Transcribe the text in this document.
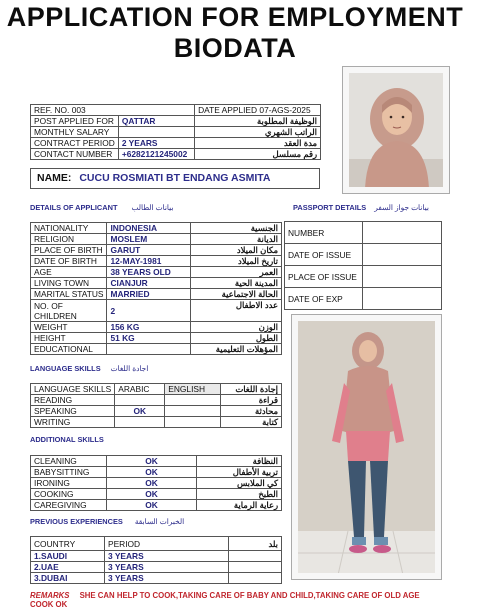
APPLICATION FOR EMPLOYMENT
BIODATA
REF. NO. 003		DATE APPLIED 07-AGS-2025
POST APPLIED FOR	QATTAR	الوظيفة المطلوبة
MONTHLY SALARY		الراتب الشهري
CONTRACT PERIOD	2 YEARS	مدة العقد
CONTACT NUMBER	+6282121245002	رقم مسلسل
NAME: CUCU ROSMIATI BT ENDANG ASMITA
DETAILS OF APPLICANT بيانات الطالب	PASSPORT DETAILS بيانات جواز السفر
NATIONALITY	INDONESIA	الجنسية
RELIGION	MOSLEM	الديانة
PLACE OF BIRTH	GARUT	مكان الميلاد
DATE OF BIRTH	12-MAY-1981	تاريخ الميلاد
AGE	38 YEARS OLD	العمر
LIVING TOWN	CIANJUR	المدينة الحية
MARITAL STATUS	MARRIED	الحالة الاجتماعية
NO. OF CHILDREN	2	عدد الاطفال
WEIGHT	156 KG	الوزن
HEIGHT	51 KG	الطول
EDUCATIONAL		المؤهلات التعليمية
NUMBER	
DATE OF ISSUE	
PLACE OF ISSUE	
DATE OF EXP	
LANGUAGE SKILLS اجادة اللغات
LANGUAGE SKILLS	ARABIC	ENGLISH	إجادة اللغات
READING			قراءة
SPEAKING	OK		محادثة
WRITING			كتابة
ADDITIONAL SKILLS
CLEANING	OK	النظافة
BABYSITTING	OK	تربية الأطفال
IRONING	OK	كي الملابس
COOKING	OK	الطبخ
CAREGIVING	OK	رعاية الرماية
PREVIOUS EXPERIENCES الخبرات السابقة
COUNTRY	PERIOD	بلد
1.SAUDI	3 YEARS	
2.UAE	3 YEARS	
3.DUBAI	3 YEARS	
REMARKS SHE CAN HELP TO COOK,TAKING CARE OF BABY AND CHILD,TAKING CARE OF OLD AGE COOK OK
